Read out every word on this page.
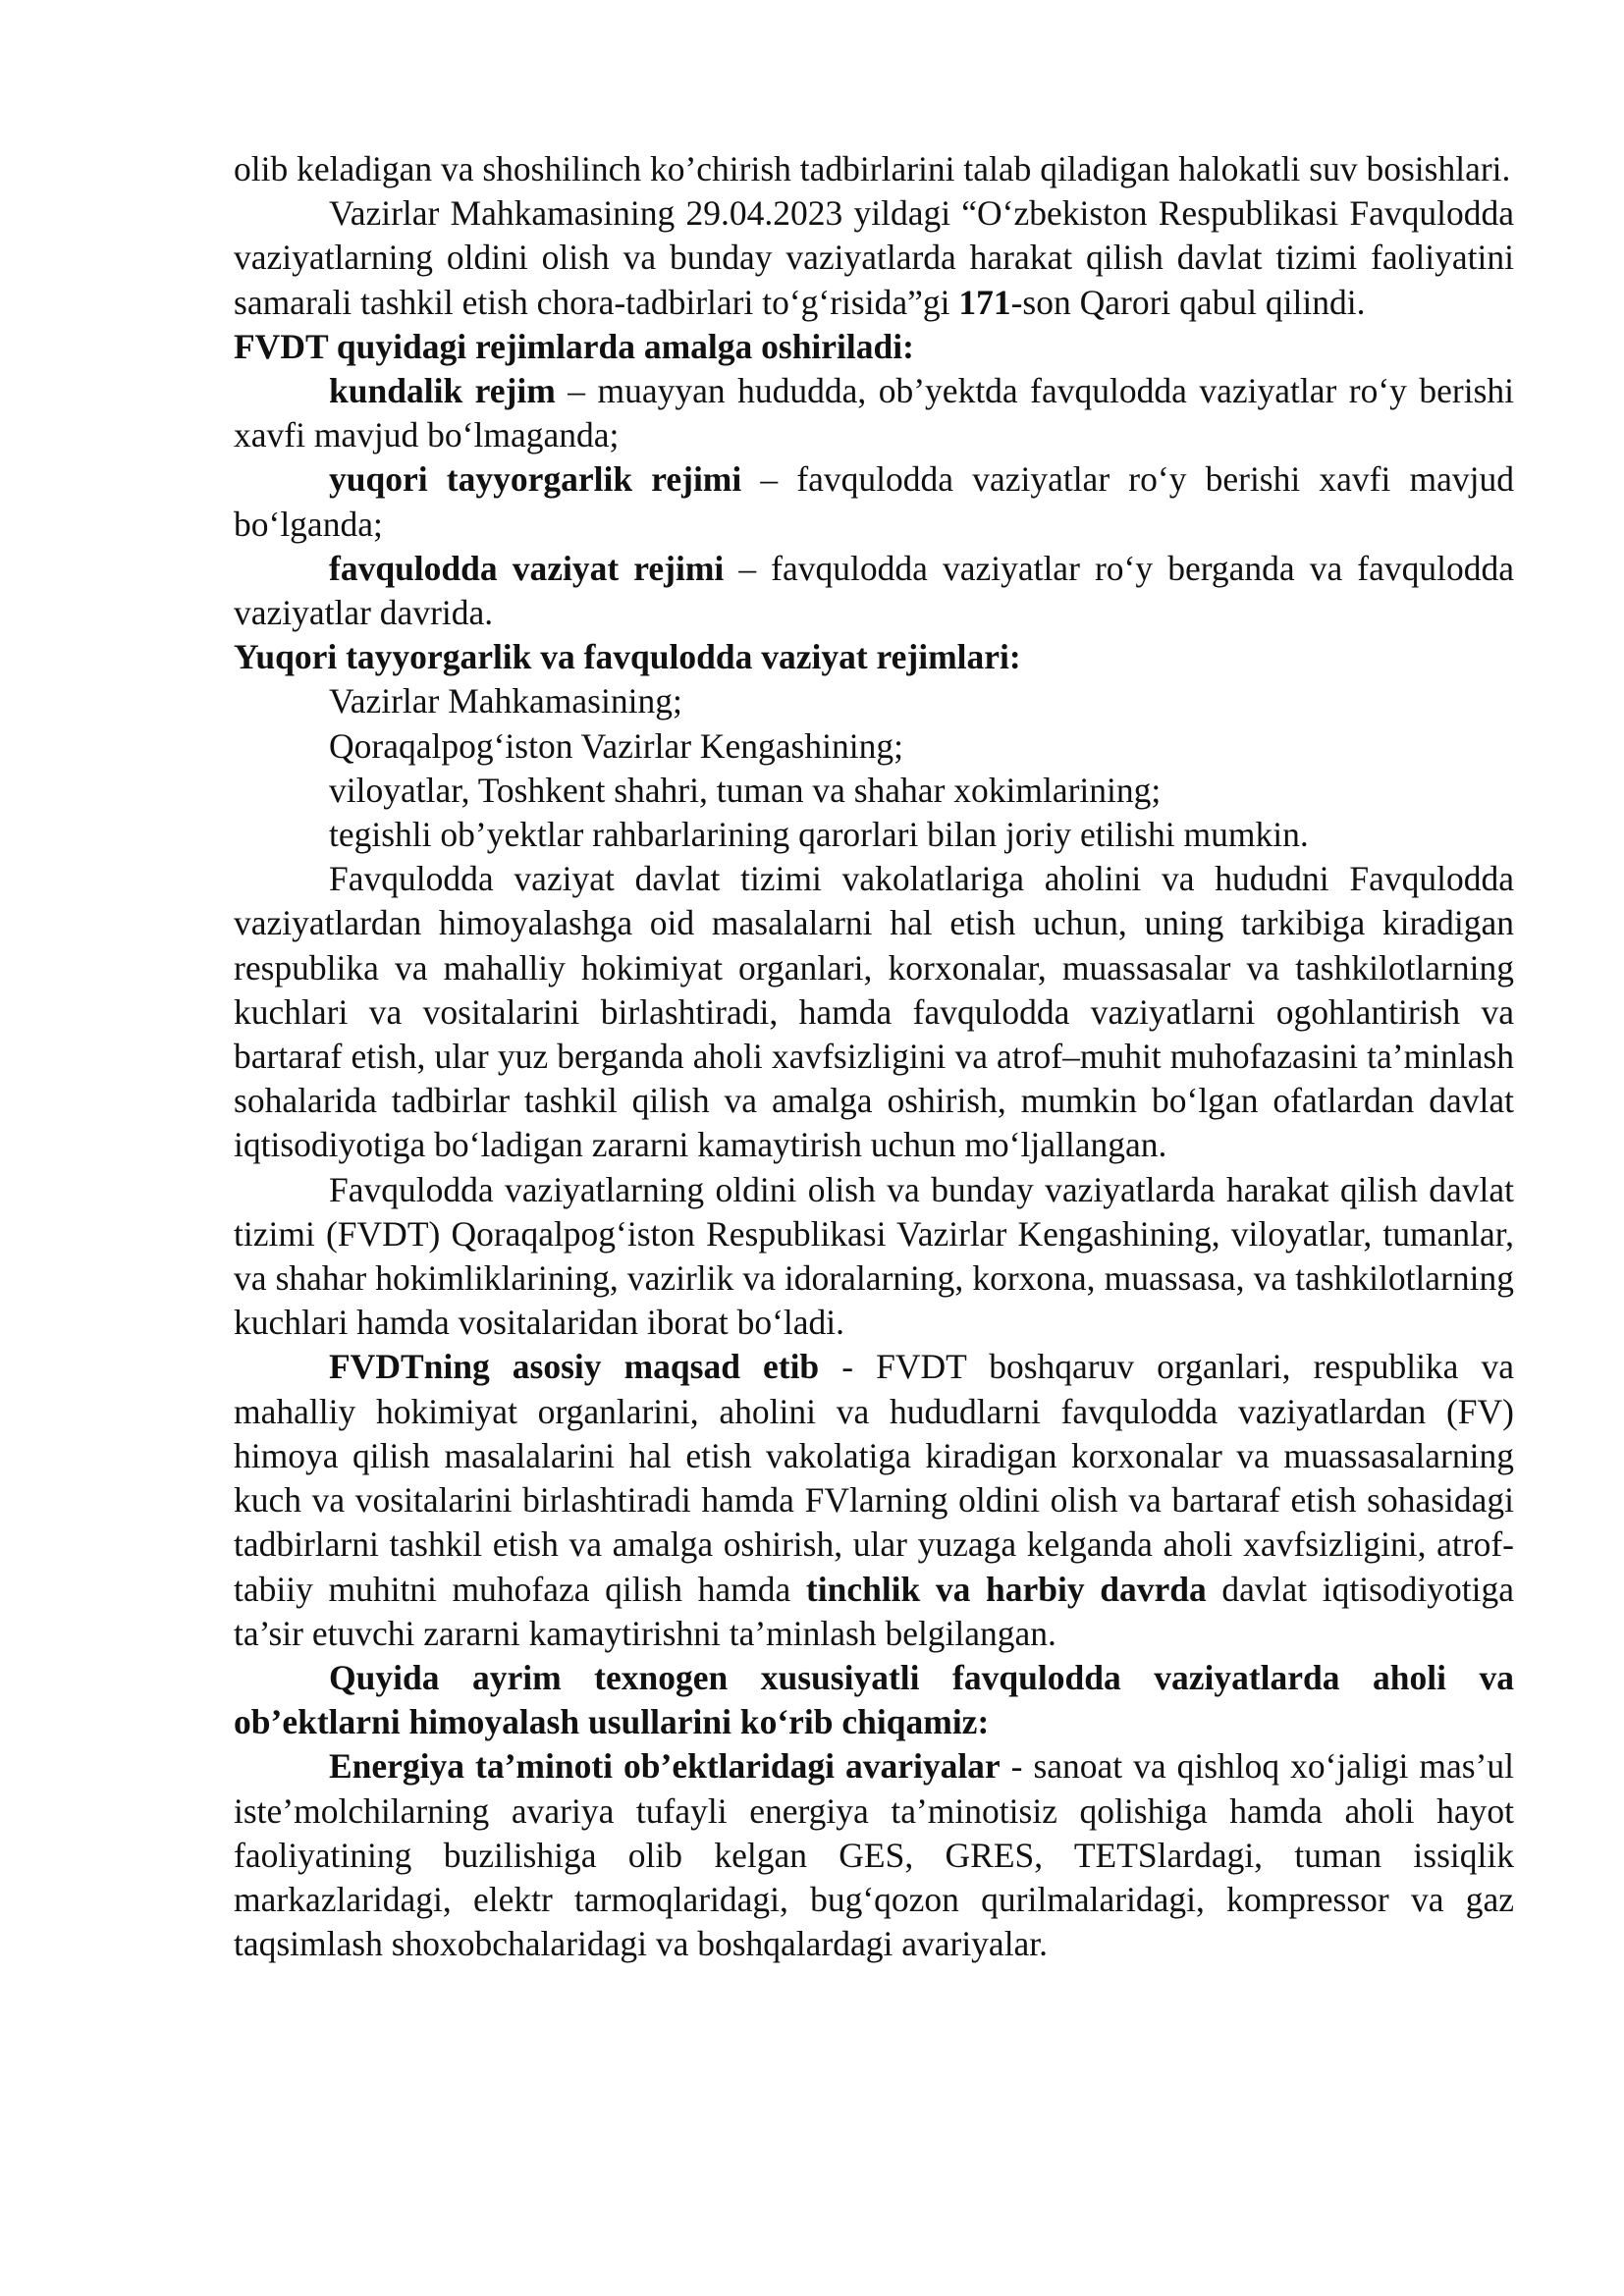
olib keladigan va shoshilinch ko’chirish tadbirlarini talab qiladigan halokatli suv bosishlari.

Vazirlar Mahkamasining 29.04.2023 yildagi “O‘zbekiston Respublikasi Favqulodda vaziyatlarning oldini olish va bunday vaziyatlarda harakat qilish davlat tizimi faoliyatini samarali tashkil etish chora-tadbirlari to‘g‘risida”gi 171-son Qarori qabul qilindi.

FVDT quyidagi rejimlarda amalga oshiriladi:

kundalik rejim – muayyan hududda, ob’yektda favqulodda vaziyatlar ro‘y berishi xavfi mavjud bo‘lmaganda;

yuqori tayyorgarlik rejimi – favqulodda vaziyatlar ro‘y berishi xavfi mavjud bo‘lganda;

favqulodda vaziyat rejimi – favqulodda vaziyatlar ro‘y berganda va favqulodda vaziyatlar davrida.

Yuqori tayyorgarlik va favqulodda vaziyat rejimlari:

Vazirlar Mahkamasining;

Qoraqalpog‘iston Vazirlar Kengashining;

viloyatlar, Toshkent shahri, tuman va shahar xokimlarining;

tegishli ob’yektlar rahbarlarining qarorlari bilan joriy etilishi mumkin.

Favqulodda vaziyat davlat tizimi vakolatlariga aholini va hududni Favqulodda vaziyatlardan himoyalashga oid masalalarni hal etish uchun, uning tarkibiga kiradigan respublika va mahalliy hokimiyat organlari, korxonalar, muassasalar va tashkilotlarning kuchlari va vositalarini birlashtiradi, hamda favqulodda vaziyatlarni ogohlantirish va bartaraf etish, ular yuz berganda aholi xavfsizligini va atrof–muhit muhofazasini ta’minlash sohalarida tadbirlar tashkil qilish va amalga oshirish, mumkin bo‘lgan ofatlardan davlat iqtisodiyotiga bo‘ladigan zararni kamaytirish uchun mo‘ljallangan.

Favqulodda vaziyatlarning oldini olish va bunday vaziyatlarda harakat qilish davlat tizimi (FVDT) Qoraqalpog‘iston Respublikasi Vazirlar Kengashining, viloyatlar, tumanlar, va shahar hokimliklarining, vazirlik va idoralarning, korxona, muassasa, va tashkilotlarning kuchlari hamda vositalaridan iborat bo‘ladi.

FVDTning asosiy maqsad etib - FVDT boshqaruv organlari, respublika va mahalliy hokimiyat organlarini, aholini va hududlarni favqulodda vaziyatlardan (FV) himoya qilish masalalarini hal etish vakolatiga kiradigan korxonalar va muassasalarning kuch va vositalarini birlashtiradi hamda FVlarning oldini olish va bartaraf etish sohasidagi tadbirlarni tashkil etish va amalga oshirish, ular yuzaga kelganda aholi xavfsizligini, atrof-tabiiy muhitni muhofaza qilish hamda tinchlik va harbiy davrda davlat iqtisodiyotiga ta’sir etuvchi zararni kamaytirishni ta’minlash belgilangan.

Quyida ayrim texnogen xususiyatli favqulodda vaziyatlarda aholi va ob’ektlarni himoyalash usullarini ko‘rib chiqamiz:

Energiya ta’minoti ob’ektlaridagi avariyalar - sanoat va qishloq xo‘jaligi mas’ul iste’molchilarning avariya tufayli energiya ta’minotisiz qolishiga hamda aholi hayot faoliyatining buzilishiga olib kelgan GES, GRES, TETSlardagi, tuman issiqlik markazlaridagi, elektr tarmoqlaridagi, bug‘qozon qurilmalaridagi, kompressor va gaz taqsimlash shoxobchalaridagi va boshqalardagi avariyalar.
